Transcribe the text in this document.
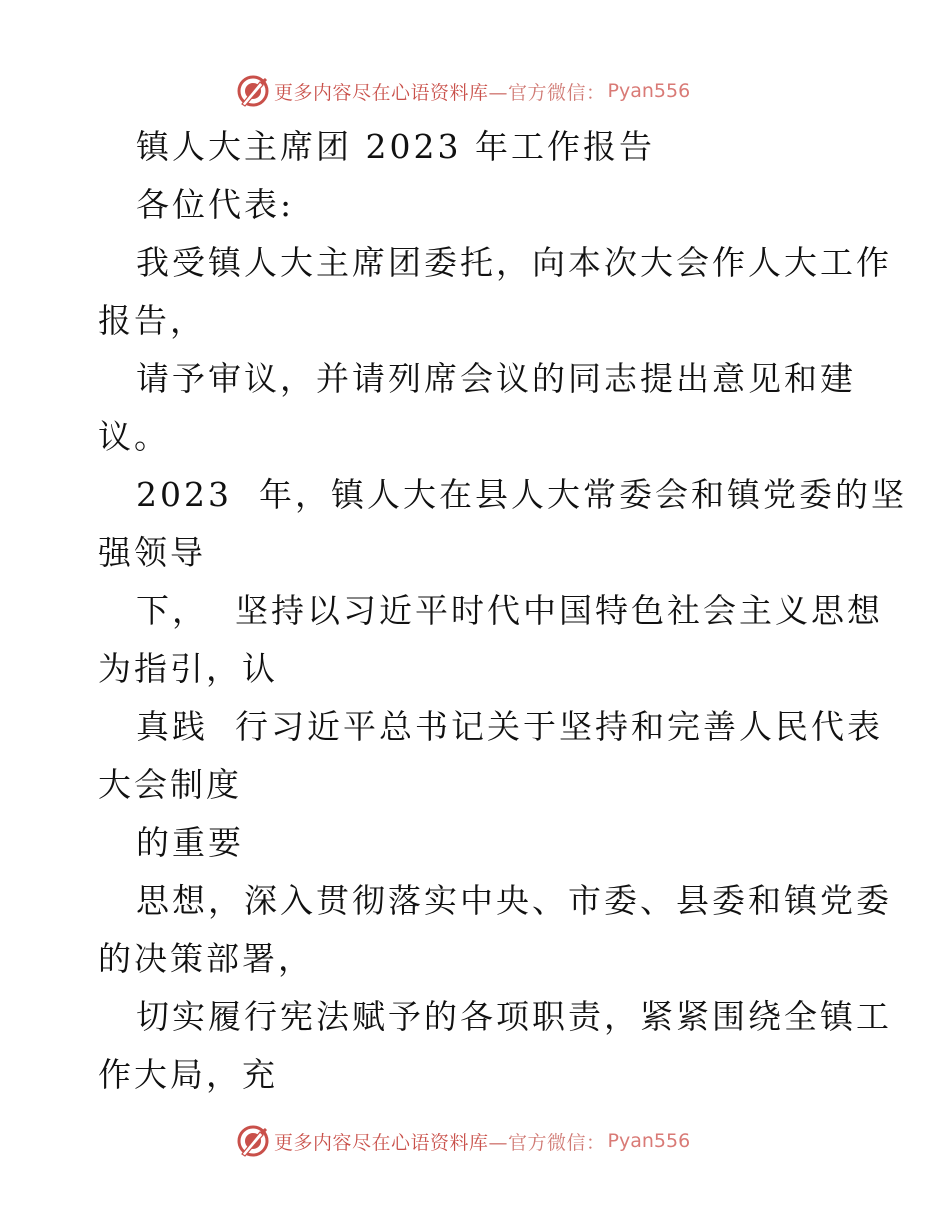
更多内容尽在心语资料库 —官方微信： Pyan556
镇人大主席团 2023 年工作报告
各位代表:
我受镇人大主席团委托，向本次大会作人大工作
报告，
请予审议，并请列席会议的同志提出意见和建
议。
2023  年，镇人大在县人大常委会和镇党委的坚
强领导
下，  坚持以习近平时代中国特色社会主义思想
为指引，认
真践  行习近平总书记关于坚持和完善人民代表
大会制度
的重要
思想，深入贯彻落实中央、市委、县委和镇党委
的决策部署，
切实履行宪法赋予的各项职责，紧紧围绕全镇工
作大局，充
更多内容尽在心语资料库 —官方微信： Pyan556
